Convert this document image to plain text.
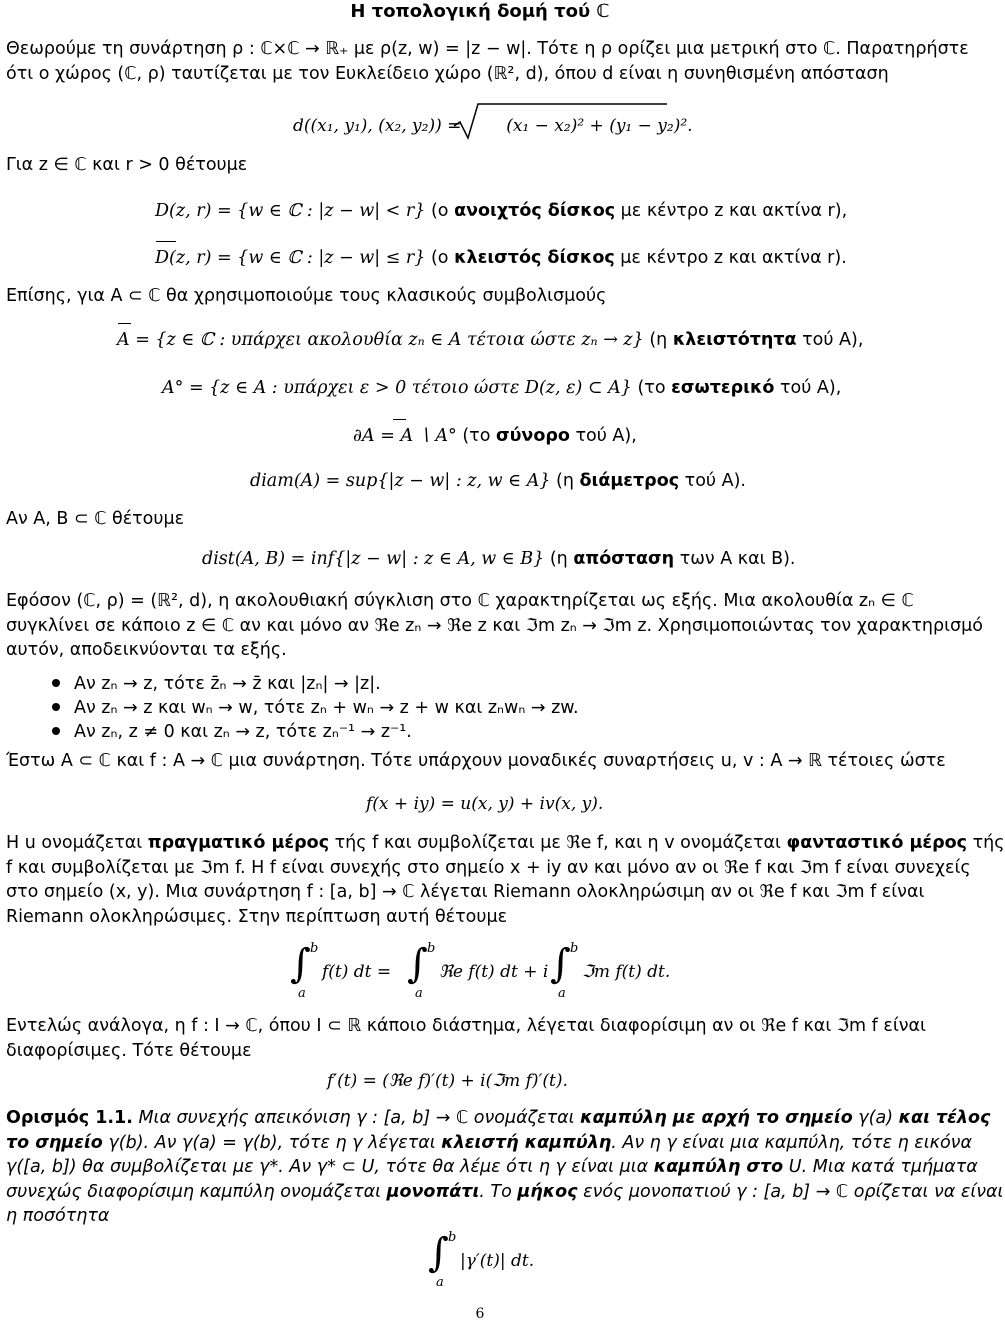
Η τοπολογική δομή τού ℂ
Θεωρούμε τη συνάρτηση ρ : ℂ×ℂ → ℝ₊ με ρ(z, w) = |z − w|. Τότε η ρ ορίζει μια μετρική στο ℂ. Παρατηρήστε
ότι ο χώρος (ℂ, ρ) ταυτίζεται με τον Ευκλείδειο χώρο (ℝ², d), όπου d είναι η συνηθισμένη απόσταση
d((x₁, y₁), (x₂, y₂)) =	(x₁ − x₂)² + (y₁ − y₂)².
Για z ∈ ℂ και r > 0 θέτουμε
D(z, r) = {w ∈ ℂ : |z − w| < r} (ο ανοιχτός δίσκος με κέντρο z και ακτίνα r),
D(z, r) = {w ∈ ℂ : |z − w| ≤ r} (ο κλειστός δίσκος με κέντρο z και ακτίνα r).
Επίσης, για A ⊂ ℂ θα χρησιμοποιούμε τους κλασικούς συμβολισμούς
A = {z ∈ ℂ : υπάρχει ακολουθία zₙ ∈ A τέτοια ώστε zₙ → z} (η κλειστότητα τού A),
A° = {z ∈ A : υπάρχει ε > 0 τέτοιο ώστε D(z, ε) ⊂ A} (το εσωτερικό τού A),
∂A = A ∖ A° (το σύνορο τού A),
diam(A) = sup{|z − w| : z, w ∈ A} (η διάμετρος τού A).
Αν A, B ⊂ ℂ θέτουμε
dist(A, B) = inf{|z − w| : z ∈ A, w ∈ B} (η απόσταση των A και B).
Εφόσον (ℂ, ρ) = (ℝ², d), η ακολουθιακή σύγκλιση στο ℂ χαρακτηρίζεται ως εξής. Μια ακολουθία zₙ ∈ ℂ
συγκλίνει σε κάποιο z ∈ ℂ αν και μόνο αν ℜe zₙ → ℜe z και ℑm zₙ → ℑm z. Χρησιμοποιώντας τον χαρακτηρισμό
αυτόν, αποδεικνύονται τα εξής.
Αν zₙ → z, τότε z̄ₙ → z̄ και |zₙ| → |z|.
Αν zₙ → z και wₙ → w, τότε zₙ + wₙ → z + w και zₙwₙ → zw.
Αν zₙ, z ≠ 0 και zₙ → z, τότε zₙ⁻¹ → z⁻¹.
Έστω A ⊂ ℂ και f : A → ℂ μια συνάρτηση. Τότε υπάρχουν μοναδικές συναρτήσεις u, v : A → ℝ τέτοιες ώστε
f(x + iy) = u(x, y) + iv(x, y).
Η u ονομάζεται πραγματικό μέρος τής f και συμβολίζεται με ℜe f, και η v ονομάζεται φανταστικό μέρος τής
f και συμβολίζεται με ℑm f. Η f είναι συνεχής στο σημείο x + iy αν και μόνο αν οι ℜe f και ℑm f είναι συνεχείς
στο σημείο (x, y). Μια συνάρτηση f : [a, b] → ℂ λέγεται Riemann ολοκληρώσιμη αν οι ℜe f και ℑm f είναι
Riemann ολοκληρώσιμες. Στην περίπτωση αυτή θέτουμε
∫ b
a
f(t) dt = ∫ b
a
ℜe f(t) dt + i ∫ b
a
ℑm f(t) dt.
Εντελώς ανάλογα, η f : I → ℂ, όπου I ⊂ ℝ κάποιο διάστημα, λέγεται διαφορίσιμη αν οι ℜe f και ℑm f είναι
διαφορίσιμες. Τότε θέτουμε
f′(t) = (ℜe f)′(t) + i(ℑm f)′(t).
Ορισμός 1.1. Μια συνεχής απεικόνιση γ : [a, b] → ℂ ονομάζεται καμπύλη με αρχή το σημείο γ(a) και τέλος
το σημείο γ(b). Αν γ(a) = γ(b), τότε η γ λέγεται κλειστή καμπύλη. Αν η γ είναι μια καμπύλη, τότε η εικόνα
γ([a, b]) θα συμβολίζεται με γ*. Αν γ* ⊂ U, τότε θα λέμε ότι η γ είναι μια καμπύλη στο U. Μια κατά τμήματα
συνεχώς διαφορίσιμη καμπύλη ονομάζεται μονοπάτι. Το μήκος ενός μονοπατιού γ : [a, b] → ℂ ορίζεται να είναι
η ποσότητα
∫ b
a
|γ′(t)| dt.
6
